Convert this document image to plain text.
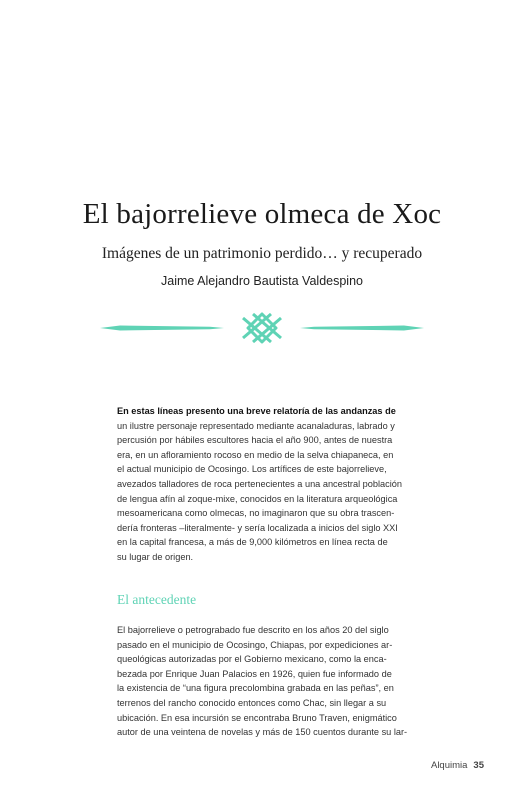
El bajorrelieve olmeca de Xoc
Imágenes de un patrimonio perdido… y recuperado
Jaime Alejandro Bautista Valdespino
En estas líneas presento una breve relatoría de las andanzas de
un ilustre personaje representado mediante acanaladuras, labrado y
percusión por hábiles escultores hacia el año 900, antes de nuestra
era, en un afloramiento rocoso en medio de la selva chiapaneca, en
el actual municipio de Ocosingo. Los artífices de este bajorrelieve,
avezados talladores de roca pertenecientes a una ancestral población
de lengua afín al zoque-mixe, conocidos en la literatura arqueológica
mesoamericana como olmecas, no imaginaron que su obra trascen-
dería fronteras –literalmente- y sería localizada a inicios del siglo XXI
en la capital francesa, a más de 9,000 kilómetros en línea recta de
su lugar de origen.
El antecedente
El bajorrelieve o petrograbado fue descrito en los años 20 del siglo
pasado en el municipio de Ocosingo, Chiapas, por expediciones ar-
queológicas autorizadas por el Gobierno mexicano, como la enca-
bezada por Enrique Juan Palacios en 1926, quien fue informado de
la existencia de “una figura precolombina grabada en las peñas”, en
terrenos del rancho conocido entonces como Chac, sin llegar a su
ubicación. En esa incursión se encontraba Bruno Traven, enigmático
autor de una veintena de novelas y más de 150 cuentos durante su lar-
Alquimia 35
